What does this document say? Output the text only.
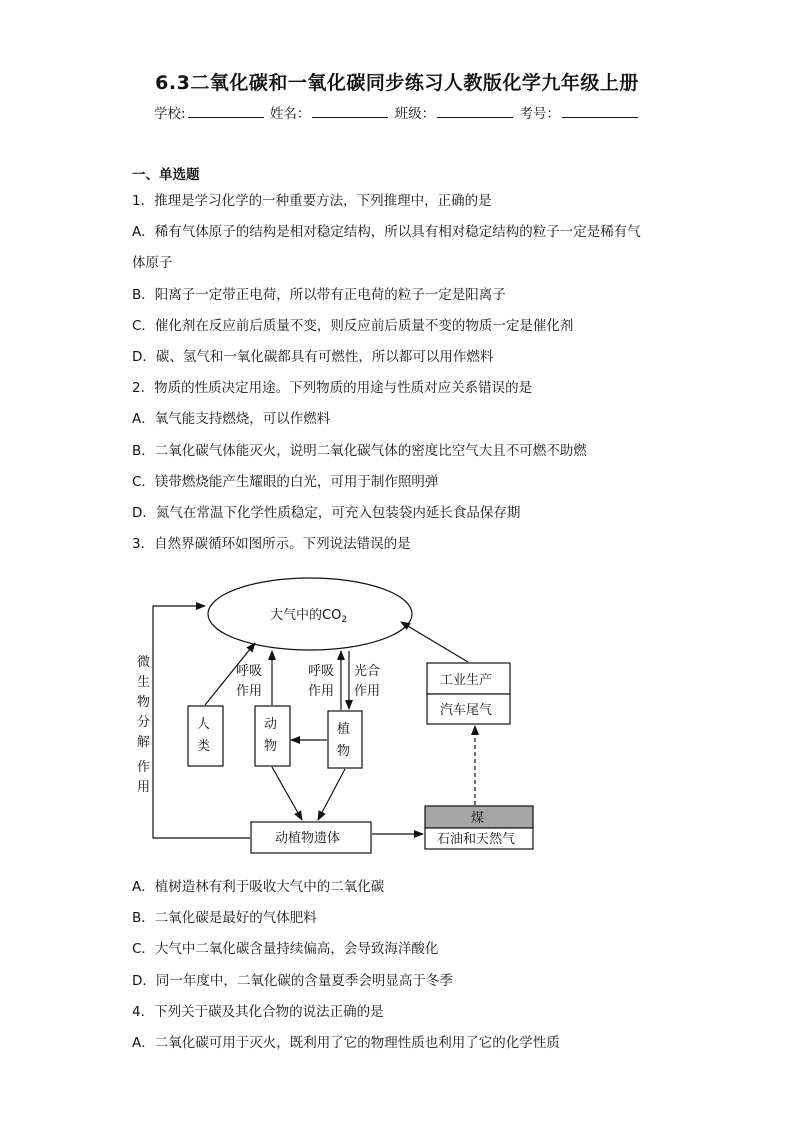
6.3二氧化碳和一氧化碳同步练习人教版化学九年级上册
学校:	姓名：	班级：	考号：
一、单选题
1．推理是学习化学的一种重要方法，下列推理中，正确的是
A．稀有气体原子的结构是相对稳定结构，所以具有相对稳定结构的粒子一定是稀有气
体原子
B．阳离子一定带正电荷，所以带有正电荷的粒子一定是阳离子
C．催化剂在反应前后质量不变，则反应前后质量不变的物质一定是催化剂
D．碳、氢气和一氧化碳都具有可燃性，所以都可以用作燃料
2．物质的性质决定用途。下列物质的用途与性质对应关系错误的是
A．氧气能支持燃烧，可以作燃料
B．二氧化碳气体能灭火，说明二氧化碳气体的密度比空气大且不可燃不助燃
C．镁带燃烧能产生耀眼的白光，可用于制作照明弹
D．氮气在常温下化学性质稳定，可充入包装袋内延长食品保存期
3．自然界碳循环如图所示。下列说法错误的是
大气中的$CO_2$
微
生
物
分
解
作
用
人
类
动
物
呼吸
作用
植
物
呼吸
作用
光合
作用
动植物遗体
煤
石油和天然气
工业生产
汽车尾气
A．植树造林有利于吸收大气中的二氧化碳
B．二氧化碳是最好的气体肥料
C．大气中二氧化碳含量持续偏高，会导致海洋酸化
D．同一年度中，二氧化碳的含量夏季会明显高于冬季
4．下列关于碳及其化合物的说法正确的是
A．二氧化碳可用于灭火，既利用了它的物理性质也利用了它的化学性质
